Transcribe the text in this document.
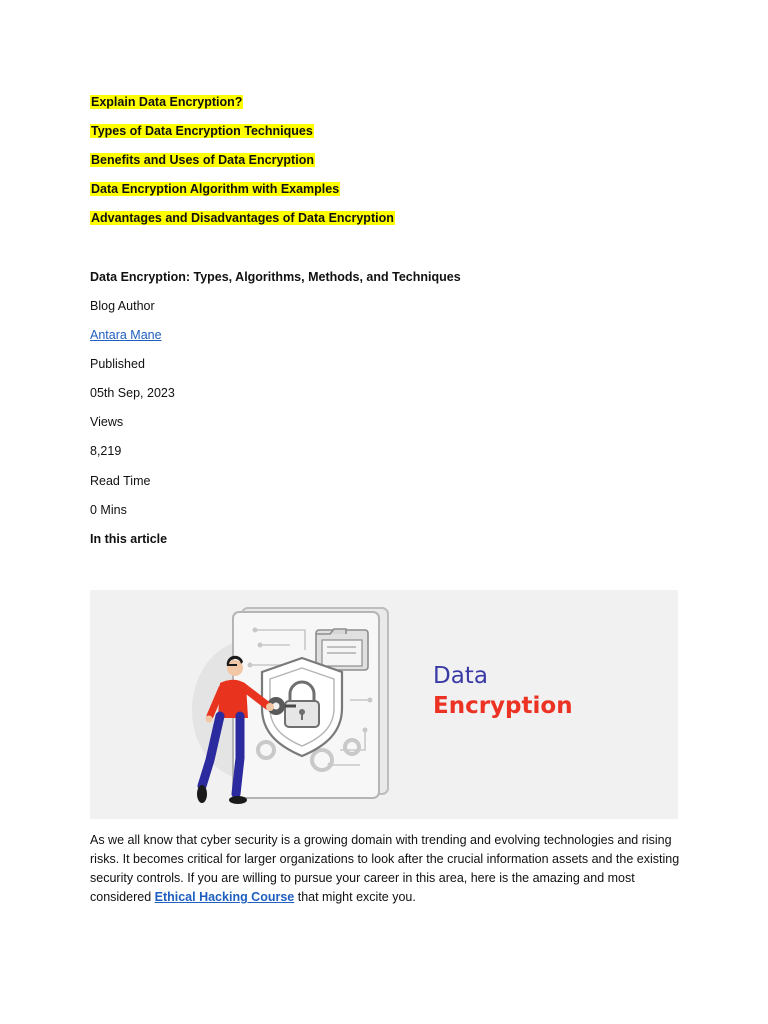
Explain Data Encryption?
Types of Data Encryption Techniques
Benefits and Uses of Data Encryption
Data Encryption Algorithm with Examples
Advantages and Disadvantages of Data Encryption
Data Encryption: Types, Algorithms, Methods, and Techniques
Blog Author
Antara Mane
Published
05th Sep, 2023
Views
8,219
Read Time
0 Mins
In this article
Data
Encryption
As we all know that cyber security is a growing domain with trending and evolving technologies and rising risks. It becomes critical for larger organizations to look after the crucial information assets and the existing security controls. If you are willing to pursue your career in this area, here is the amazing and most considered Ethical Hacking Course that might excite you.
